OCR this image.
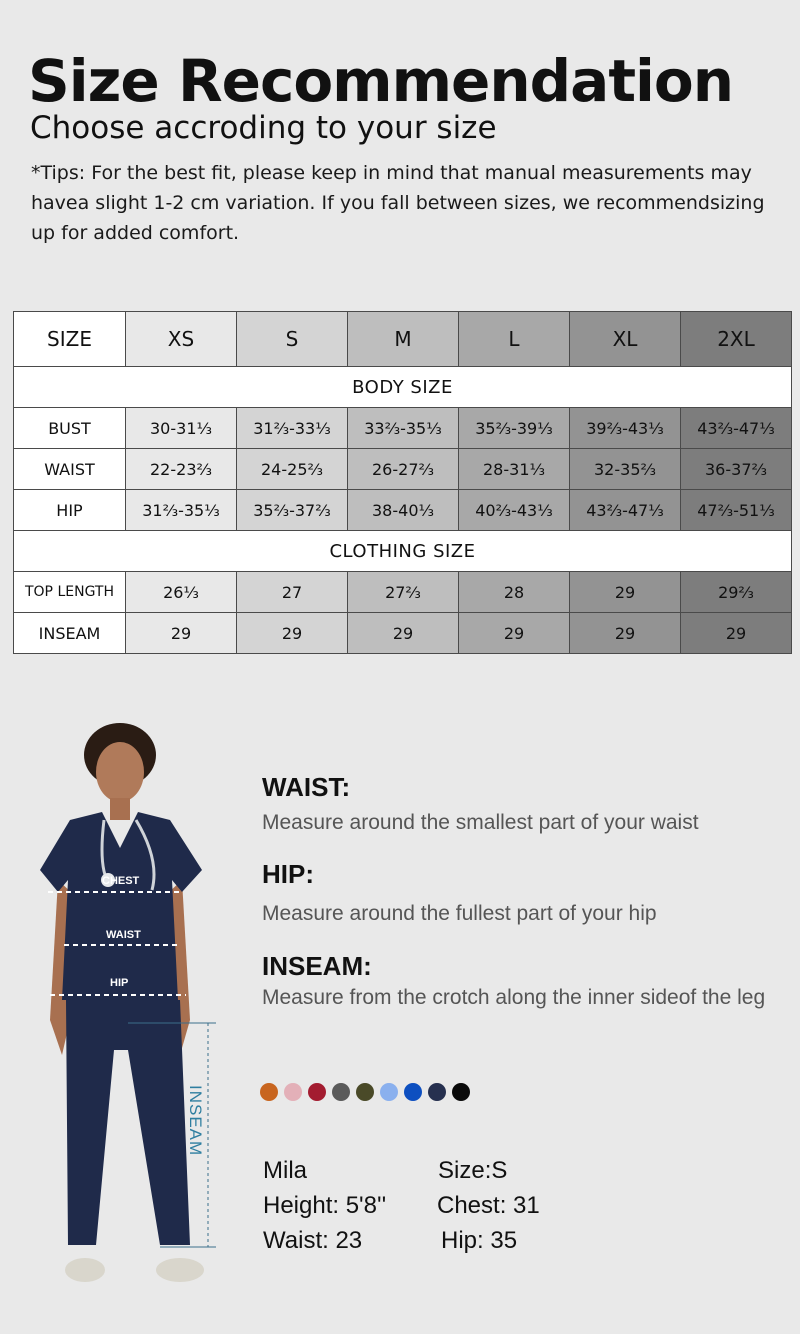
Size Recommendation
Choose accroding to your size

*Tips: For the best fit, please keep in mind that manual measurements may havea slight 1-2 cm variation. If you fall between sizes, we recommendsizing up for added comfort.

SIZE	XS	S	M	L	XL	2XL
BODY SIZE						
BUST	30-31⅓	31⅔-33⅓	33⅔-35⅓	35⅔-39⅓	39⅔-43⅓	43⅔-47⅓
WAIST	22-23⅔	24-25⅔	26-27⅔	28-31⅓	32-35⅔	36-37⅔
HIP	31⅔-35⅓	35⅔-37⅔	38-40⅓	40⅔-43⅓	43⅔-47⅓	47⅔-51⅓
CLOTHING SIZE						
TOP LENGTH	26⅓	27	27⅔	28	29	29⅔
INSEAM	29	29	29	29	29	29
CHEST
WAIST
HIP
INSEAM
WAIST:

Measure around the smallest part of your waist

HIP:

Measure around the fullest part of your hip

INSEAM:

Measure from the crotch along the inner sideof the leg

Mila	Size:S
Height: 5'8'' Chest: 31
Waist: 23	Hip: 35
